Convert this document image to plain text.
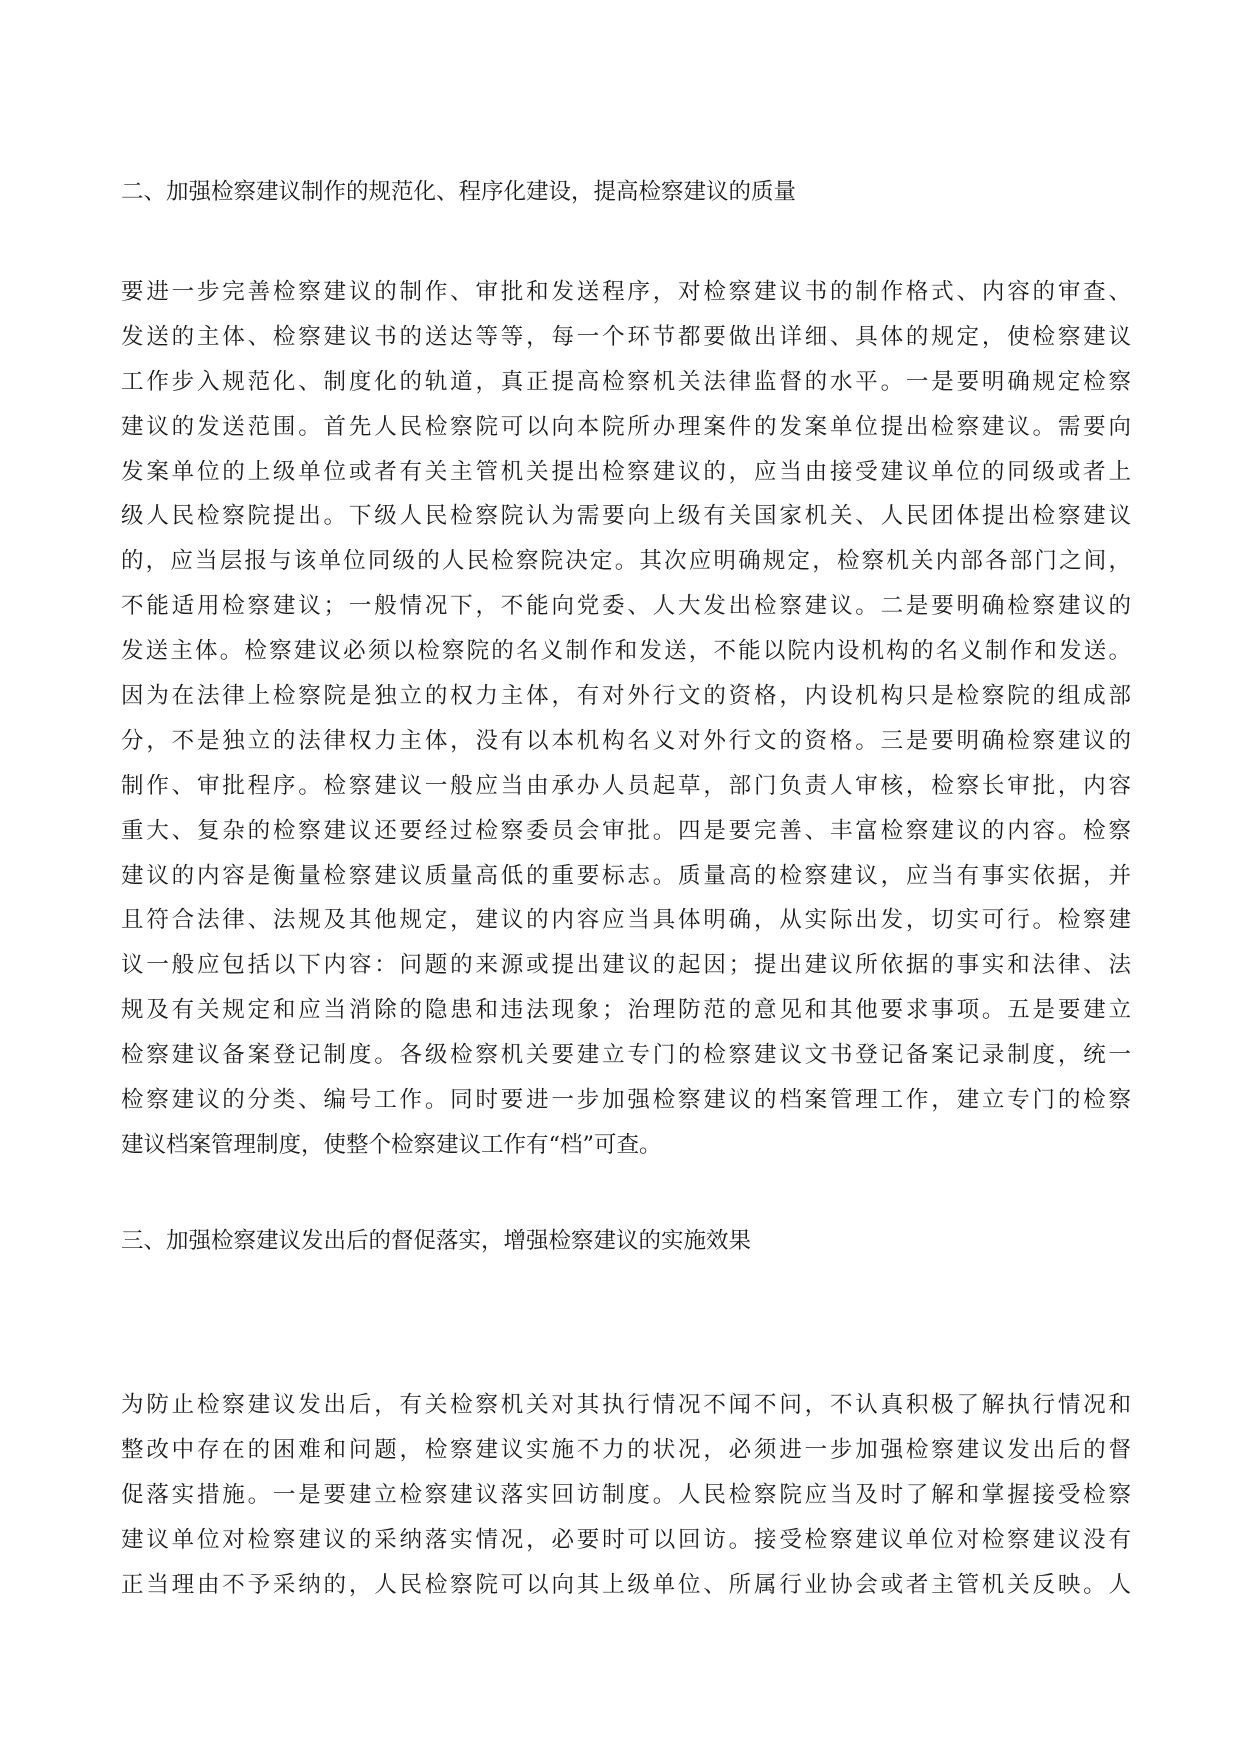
二、加强检察建议制作的规范化、程序化建设，提高检察建议的质量
要进一步完善检察建议的制作、审批和发送程序，对检察建议书的制作格式、内容的审查、
发送的主体、检察建议书的送达等等，每一个环节都要做出详细、具体的规定，使检察建议
工作步入规范化、制度化的轨道，真正提高检察机关法律监督的水平。一是要明确规定检察
建议的发送范围。首先人民检察院可以向本院所办理案件的发案单位提出检察建议。需要向
发案单位的上级单位或者有关主管机关提出检察建议的，应当由接受建议单位的同级或者上
级人民检察院提出。下级人民检察院认为需要向上级有关国家机关、人民团体提出检察建议
的，应当层报与该单位同级的人民检察院决定。其次应明确规定，检察机关内部各部门之间，
不能适用检察建议；一般情况下，不能向党委、人大发出检察建议。二是要明确检察建议的
发送主体。检察建议必须以检察院的名义制作和发送，不能以院内设机构的名义制作和发送。
因为在法律上检察院是独立的权力主体，有对外行文的资格，内设机构只是检察院的组成部
分，不是独立的法律权力主体，没有以本机构名义对外行文的资格。三是要明确检察建议的
制作、审批程序。检察建议一般应当由承办人员起草，部门负责人审核，检察长审批，内容
重大、复杂的检察建议还要经过检察委员会审批。四是要完善、丰富检察建议的内容。检察
建议的内容是衡量检察建议质量高低的重要标志。质量高的检察建议，应当有事实依据，并
且符合法律、法规及其他规定，建议的内容应当具体明确，从实际出发，切实可行。检察建
议一般应包括以下内容：问题的来源或提出建议的起因；提出建议所依据的事实和法律、法
规及有关规定和应当消除的隐患和违法现象；治理防范的意见和其他要求事项。五是要建立
检察建议备案登记制度。各级检察机关要建立专门的检察建议文书登记备案记录制度，统一
检察建议的分类、编号工作。同时要进一步加强检察建议的档案管理工作，建立专门的检察
建议档案管理制度，使整个检察建议工作有“档”可查。
三、加强检察建议发出后的督促落实，增强检察建议的实施效果
为防止检察建议发出后，有关检察机关对其执行情况不闻不问，不认真积极了解执行情况和
整改中存在的困难和问题，检察建议实施不力的状况，必须进一步加强检察建议发出后的督
促落实措施。一是要建立检察建议落实回访制度。人民检察院应当及时了解和掌握接受检察
建议单位对检察建议的采纳落实情况，必要时可以回访。接受检察建议单位对检察建议没有
正当理由不予采纳的，人民检察院可以向其上级单位、所属行业协会或者主管机关反映。人
